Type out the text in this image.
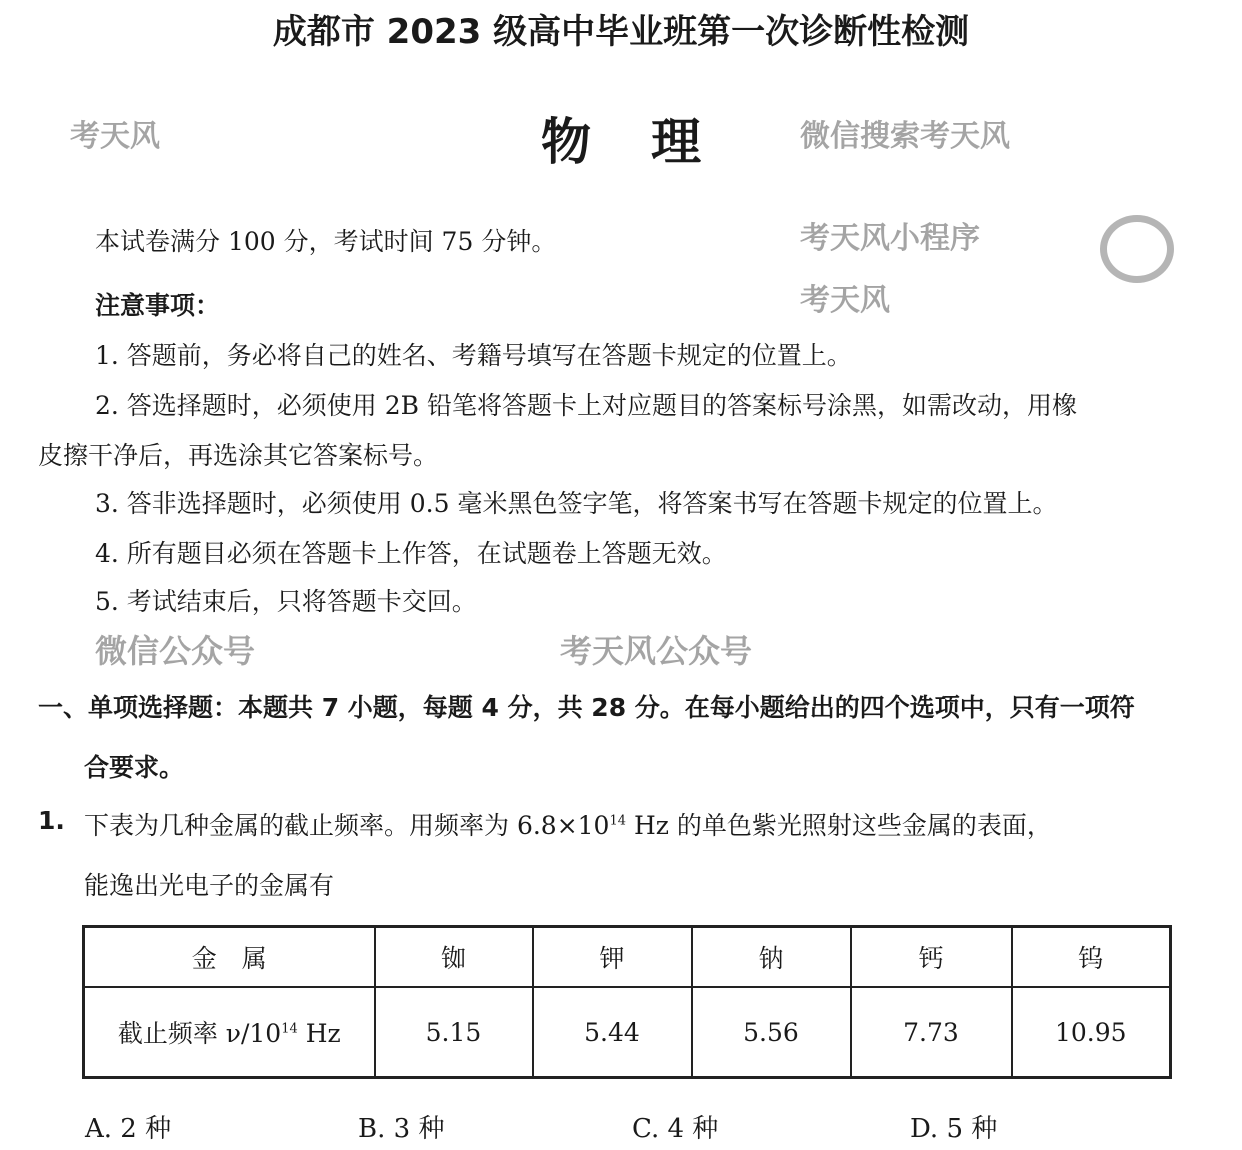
成都市 2023 级高中毕业班第一次诊断性检测
物理
本试卷满分 100 分，考试时间 75 分钟。
注意事项：
1. 答题前，务必将自己的姓名、考籍号填写在答题卡规定的位置上。
2. 答选择题时，必须使用 2B 铅笔将答题卡上对应题目的答案标号涂黑，如需改动，用橡
皮擦干净后，再选涂其它答案标号。
3. 答非选择题时，必须使用 0.5 毫米黑色签字笔，将答案书写在答题卡规定的位置上。
4. 所有题目必须在答题卡上作答，在试题卷上答题无效。
5. 考试结束后，只将答题卡交回。
一、单项选择题：本题共 7 小题，每题 4 分，共 28 分。在每小题给出的四个选项中，只有一项符
合要求。
1. 下表为几种金属的截止频率。用频率为 $6.8\times 10^{14}$ Hz 的单色紫光照射这些金属的表面，
能逸出光电子的金属有
金　属	铷	钾	钠	钙	钨
截止频率 $\nu/10^{14}$ Hz	5.15	5.44	5.56	7.73	10.95
A. 2 种	B. 3 种	C. 4 种	D. 5 种
考天风	微信搜索考天风
考天风小程序
考天风
考天风公众号
微信公众号
